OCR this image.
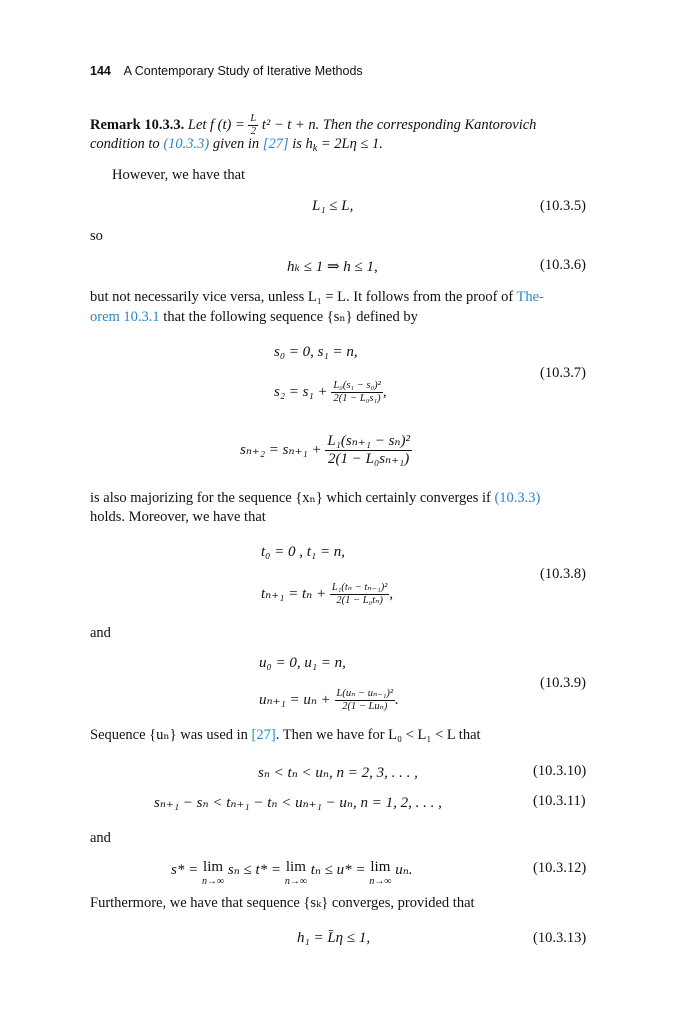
144 A Contemporary Study of Iterative Methods
Remark 10.3.3. Let f $(t) = \frac{L}{2} t^2 - t + n$. Then the corresponding Kantorovich
condition to (10.3.3) given in [27] is $h_k = 2L\eta \le 1$.
However, we have that
L₁ ≤ L,	(10.3.5)
so
hₖ ≤ 1 ⇒ h ≤ 1,	(10.3.6)
but not necessarily vice versa, unless L₁ = L. It follows from the proof of The-
orem 10.3.1 that the following sequence {sₙ} defined by
s₀ = 0, s₁ = n,
(10.3.7)
$s_2 = s_1 + \frac{\text{L₀(s₁ − s₀)²}}{\text{2(1 − L₀s₁)}}$ ,
$s_{n+2} = s_{n+1} + \frac{\text{L₁(sₙ₊₁ − sₙ)²}}{\text{2(1 − L₀sₙ₊₁)}}$
is also majorizing for the sequence {xₙ} which certainly converges if (10.3.3)
holds. Moreover, we have that
t₀ = 0 , t₁ = n,
(10.3.8)
$t_{n+1} = t_n + \frac{\text{L₁(tₙ − tₙ₋₁)²}}{\text{2(1 − L₀tₙ)}}$ ,
and
u₀ = 0, u₁ = n,
(10.3.9)
$u_{n+1} = u_n + \frac{\text{L(uₙ − uₙ₋₁)²}}{\text{2(1 − Luₙ)}}$ .
Sequence {uₙ} was used in [27]. Then we have for L₀ < L₁ < L that
sₙ < tₙ < uₙ, n = 2, 3, . . . ,	(10.3.10)
sₙ₊₁ − sₙ < tₙ₊₁ − tₙ < uₙ₊₁ − uₙ, n = 1, 2, . . . ,	(10.3.11)
and
s* = lim
n→∞
sₙ ≤ t* = lim
n→∞
tₙ ≤ u* = lim
n→∞
uₙ.	(10.3.12)
Furthermore, we have that sequence {sₖ} converges, provided that
h₁ = L̄η ≤ 1,	(10.3.13)
